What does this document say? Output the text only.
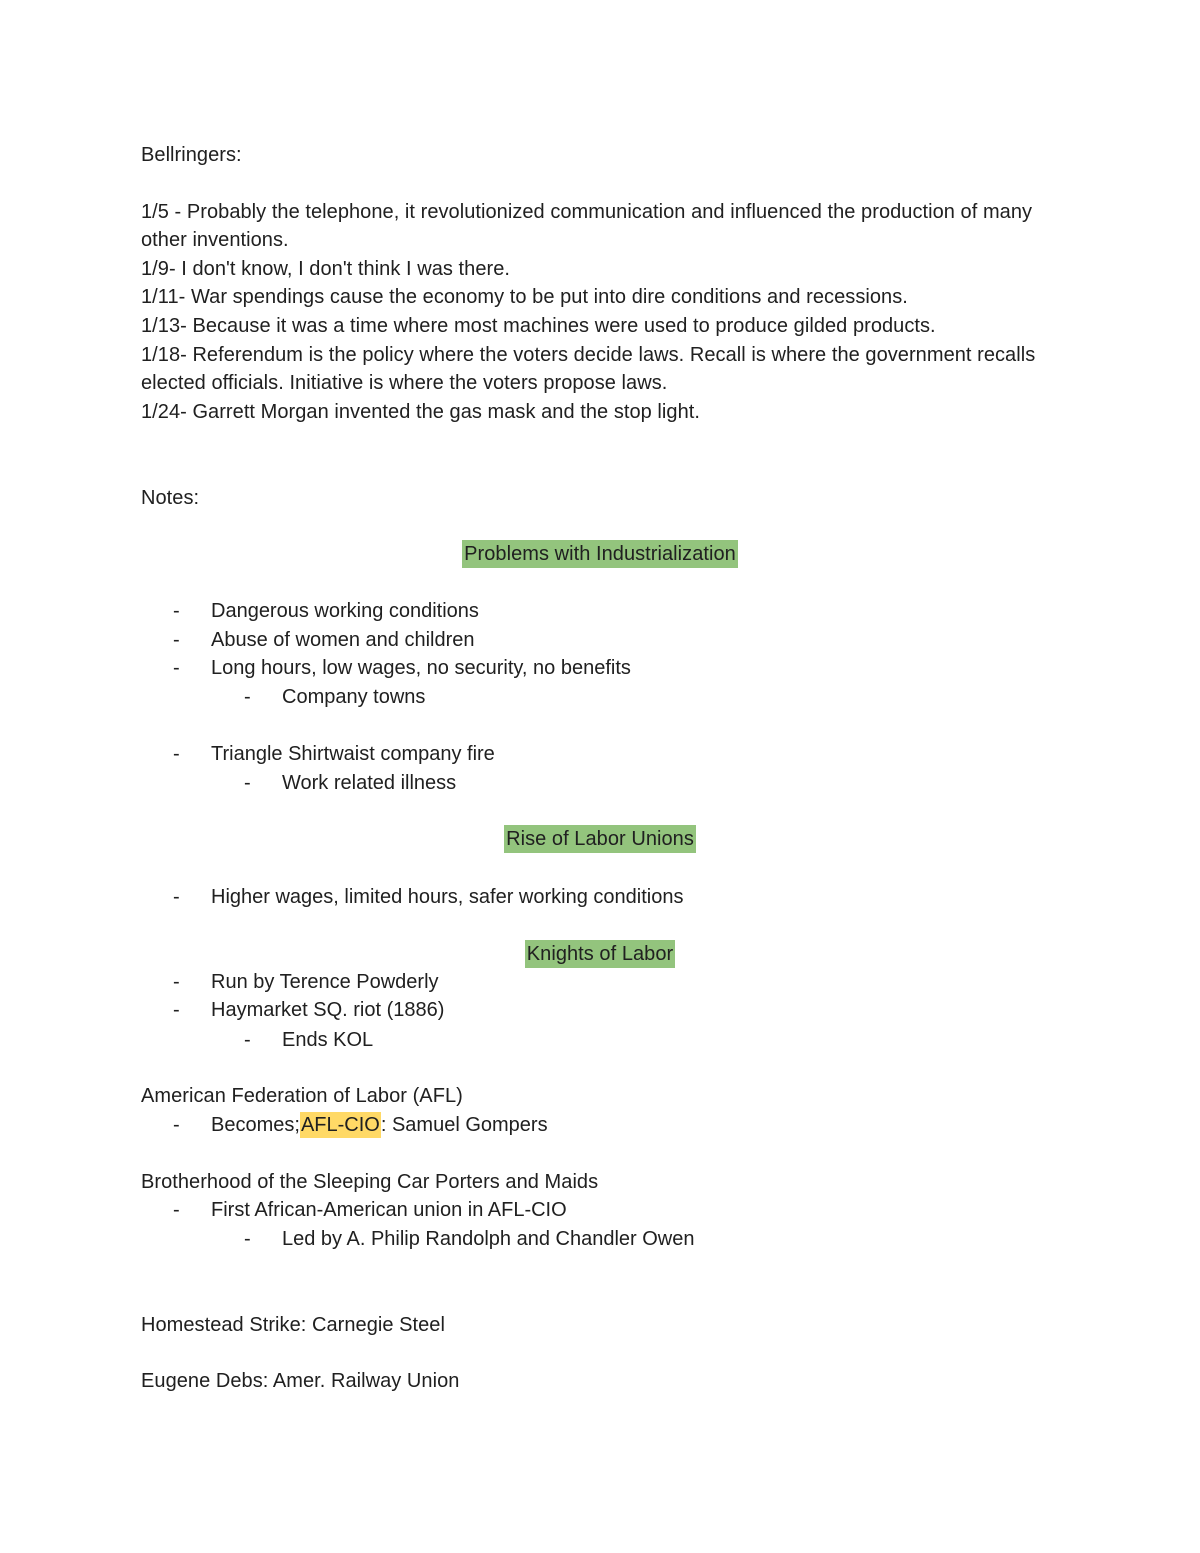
Bellringers:
1/5 - Probably the telephone, it revolutionized communication and influenced the production of many other inventions.
1/9- I don't know, I don't think I was there.
1/11- War spendings cause the economy to be put into dire conditions and recessions.
1/13- Because it was a time where most machines were used to produce gilded products.
1/18- Referendum is the policy where the voters decide laws. Recall is where the government recalls elected officials. Initiative is where the voters propose laws.
1/24- Garrett Morgan invented the gas mask and the stop light.
Notes:
Problems with Industrialization
- Dangerous working conditions
- Abuse of women and children
- Long hours, low wages, no security, no benefits
- Company towns
- Triangle Shirtwaist company fire
- Work related illness
Rise of Labor Unions
- Higher wages, limited hours, safer working conditions
Knights of Labor
- Run by Terence Powderly
- Haymarket SQ. riot (1886)
- Ends KOL
American Federation of Labor (AFL)
- Becomes;AFL-CIO: Samuel Gompers
Brotherhood of the Sleeping Car Porters and Maids
- First African-American union in AFL-CIO
- Led by A. Philip Randolph and Chandler Owen
Homestead Strike: Carnegie Steel
Eugene Debs: Amer. Railway Union
